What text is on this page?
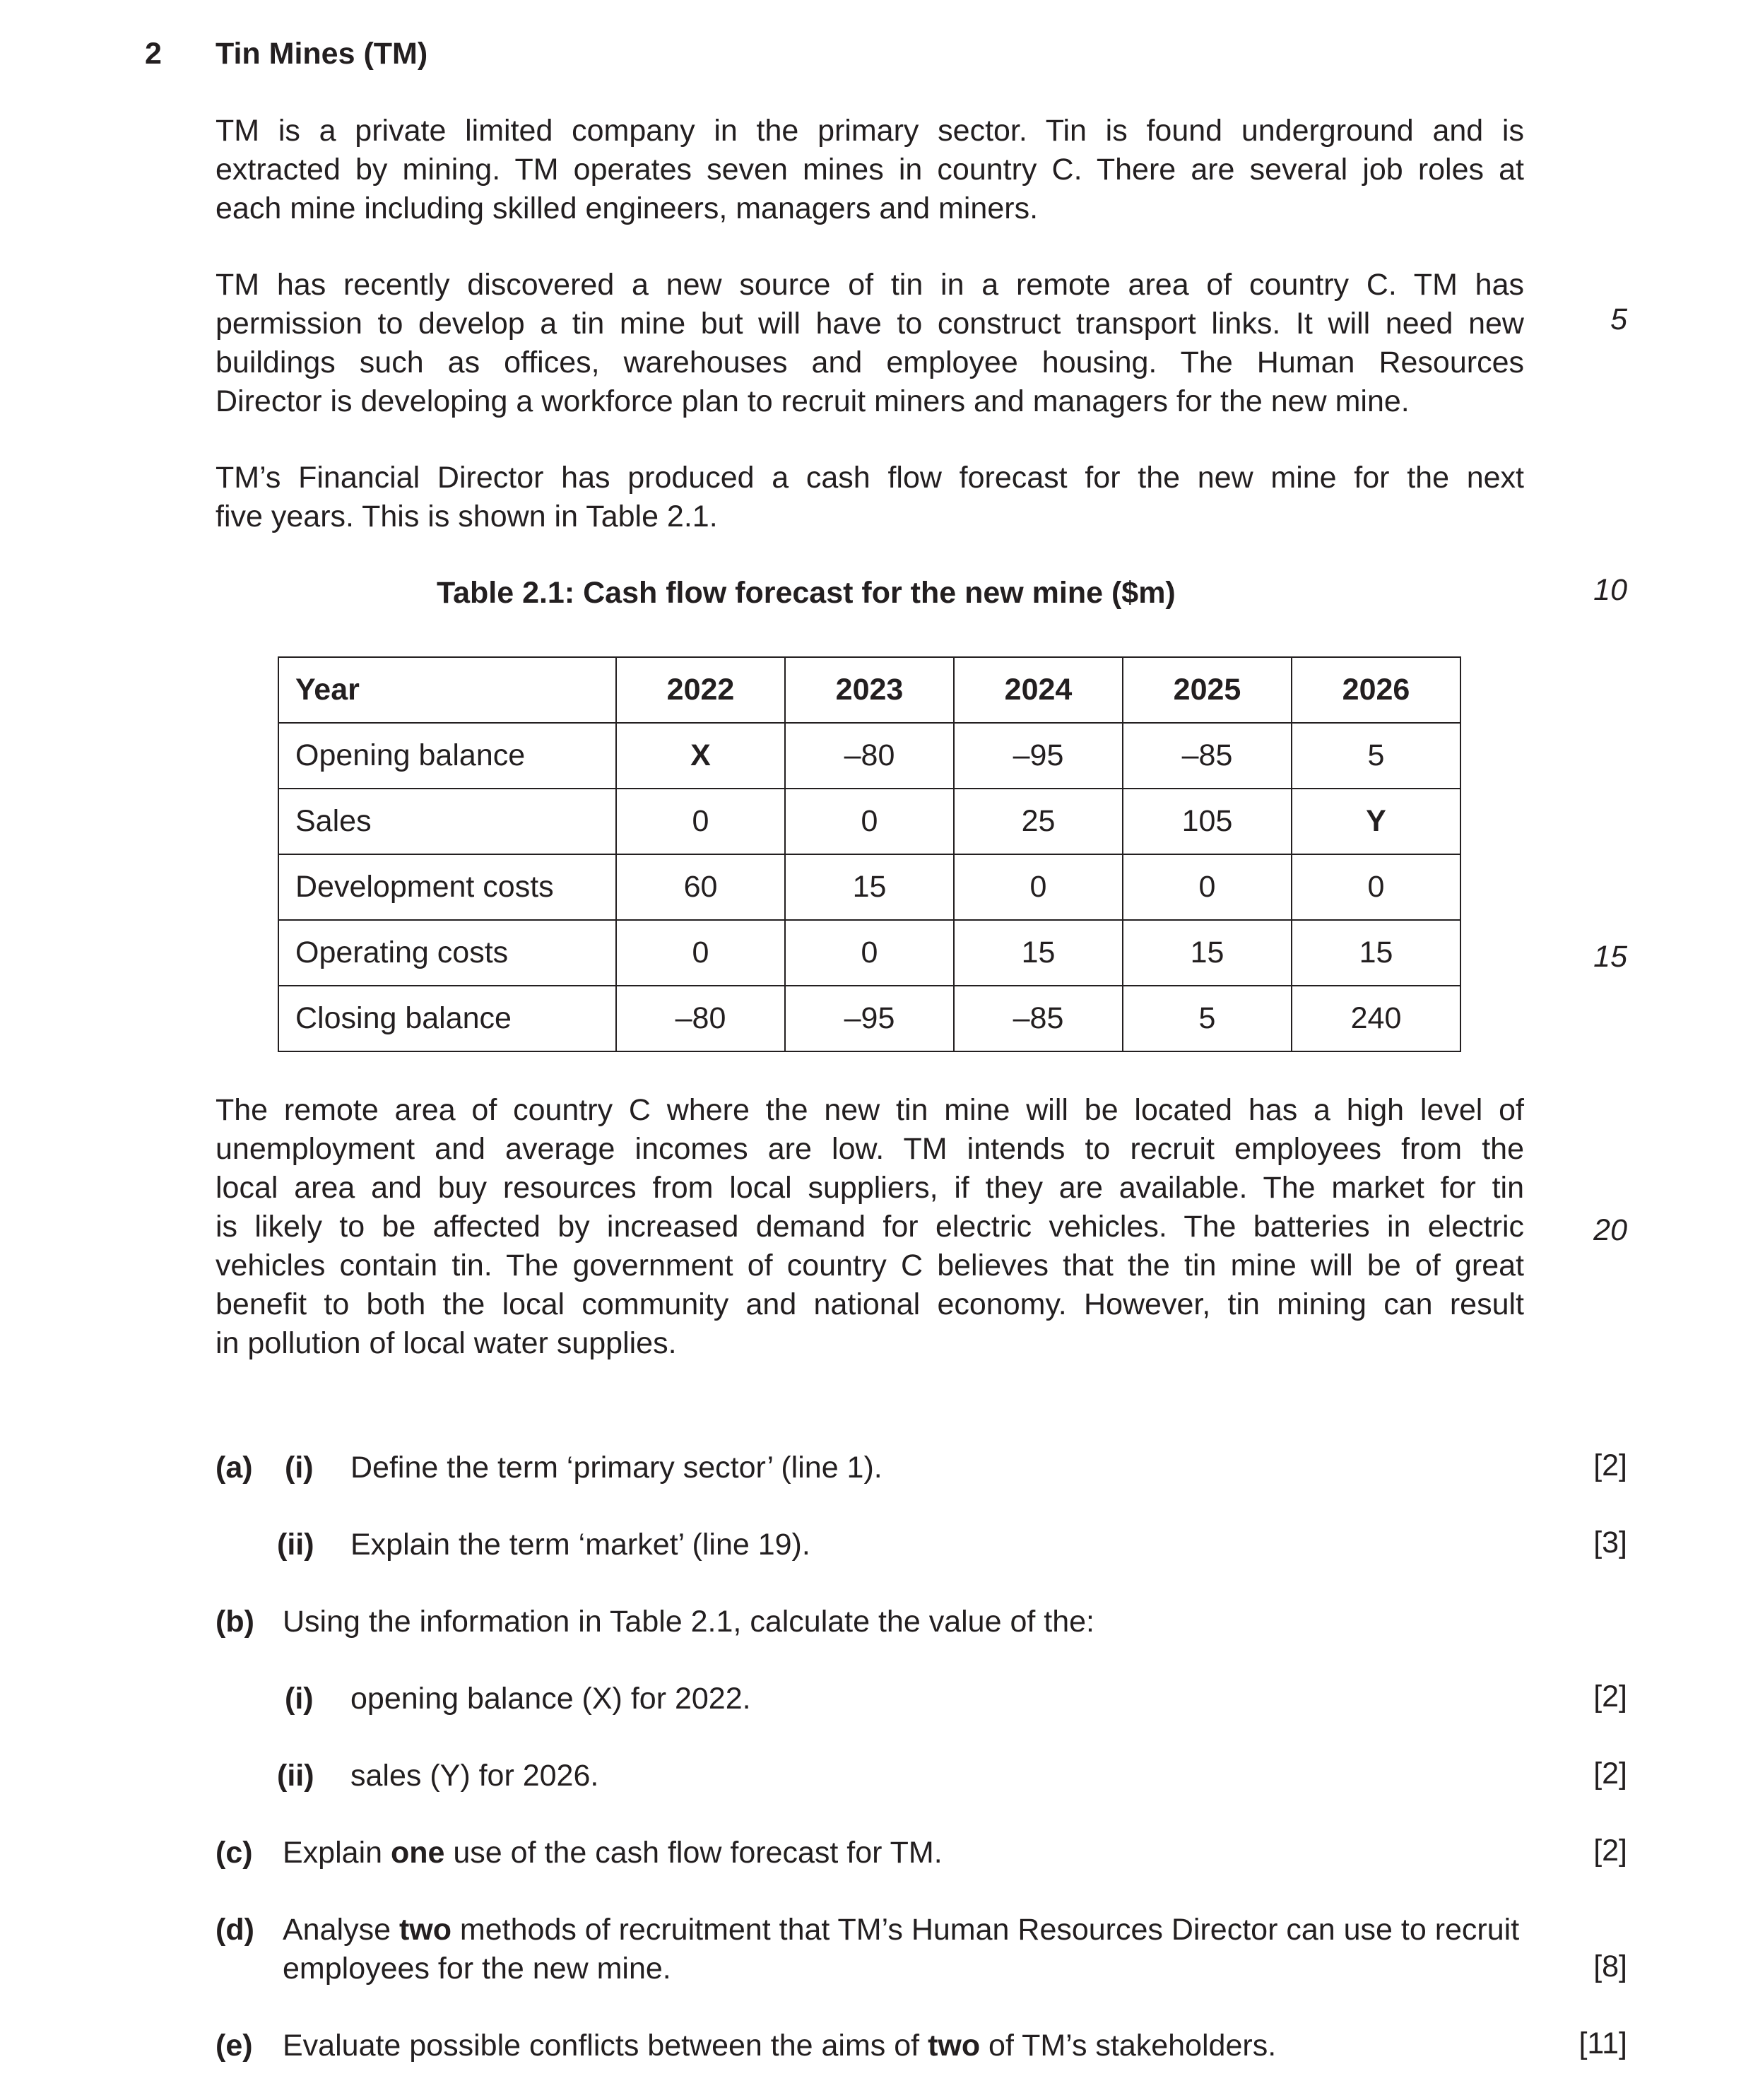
2 Tin Mines (TM)
TM is a private limited company in the primary sector. Tin is found underground and is
extracted by mining. TM operates seven mines in country C. There are several job roles at
each mine including skilled engineers, managers and miners.
TM has recently discovered a new source of tin in a remote area of country C. TM has
permission to develop a tin mine but will have to construct transport links. It will need new
buildings such as offices, warehouses and employee housing. The Human Resources
Director is developing a workforce plan to recruit miners and managers for the new mine.
TM’s Financial Director has produced a cash flow forecast for the new mine for the next
five years. This is shown in Table 2.1.
5
10
15
20
Table 2.1: Cash flow forecast for the new mine ($m)
Year	2022	2023	2024	2025	2026
Opening balance	X	–80	–95	–85	5
Sales	0	0	25	105	Y
Development costs	60	15	0	0	0
Operating costs	0	0	15	15	15
Closing balance	–80	–95	–85	5	240
The remote area of country C where the new tin mine will be located has a high level of
unemployment and average incomes are low. TM intends to recruit employees from the
local area and buy resources from local suppliers, if they are available. The market for tin
is likely to be affected by increased demand for electric vehicles. The batteries in electric
vehicles contain tin. The government of country C believes that the tin mine will be of great
benefit to both the local community and national economy. However, tin mining can result
in pollution of local water supplies.
(a) (i) Define the term ‘primary sector’ (line 1).	[2]
(ii) Explain the term ‘market’ (line 19).	[3]
(b) Using the information in Table 2.1, calculate the value of the:
(i) opening balance (X) for 2022.	[2]
(ii) sales (Y) for 2026.	[2]
(c) Explain one use of the cash flow forecast for TM.	[2]
(d) Analyse two methods of recruitment that TM’s Human Resources Director can use to recruit
employees for the new mine.	[8]
(e) Evaluate possible conflicts between the aims of two of TM’s stakeholders.	[11]
